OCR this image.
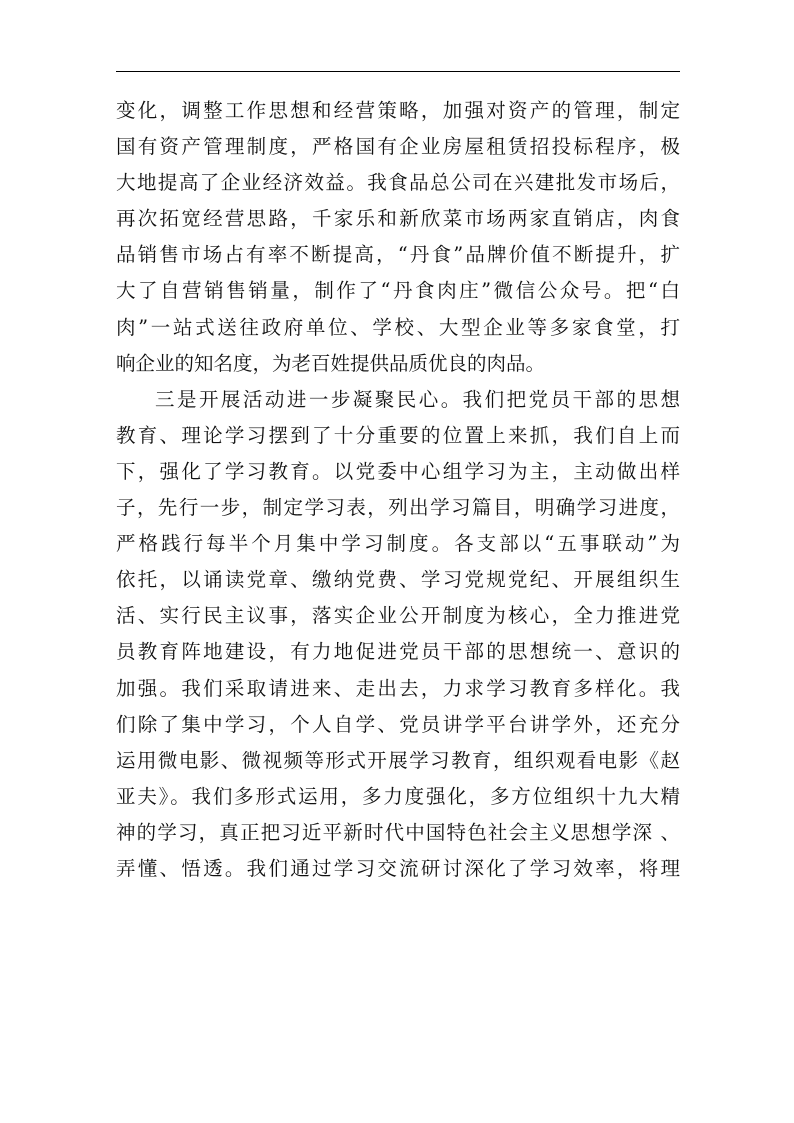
变化，调整工作思想和经营策略，加强对资产的管理，制定
国有资产管理制度，严格国有企业房屋租赁招投标程序，极
大地提高了企业经济效益。我食品总公司在兴建批发市场后，
再次拓宽经营思路，千家乐和新欣菜市场两家直销店，肉食
品销售市场占有率不断提高，“丹食”品牌价值不断提升，扩
大了自营销售销量，制作了“丹食肉庄”微信公众号。把“白
肉”一站式送往政府单位、学校、大型企业等多家食堂，打
响企业的知名度，为老百姓提供品质优良的肉品。
三是开展活动进一步凝聚民心。我们把党员干部的思想
教育、理论学习摆到了十分重要的位置上来抓，我们自上而
下，强化了学习教育。以党委中心组学习为主，主动做出样
子，先行一步，制定学习表，列出学习篇目，明确学习进度，
严格践行每半个月集中学习制度。各支部以“五事联动”为
依托，以诵读党章、缴纳党费、学习党规党纪、开展组织生
活、实行民主议事，落实企业公开制度为核心，全力推进党
员教育阵地建设，有力地促进党员干部的思想统一、意识的
加强。我们采取请进来、走出去，力求学习教育多样化。我
们除了集中学习，个人自学、党员讲学平台讲学外，还充分
运用微电影、微视频等形式开展学习教育，组织观看电影《赵
亚夫》。我们多形式运用，多力度强化，多方位组织十九大精
神的学习，真正把习近平新时代中国特色社会主义思想学深 、
弄懂、悟透。我们通过学习交流研讨深化了学习效率，将理
